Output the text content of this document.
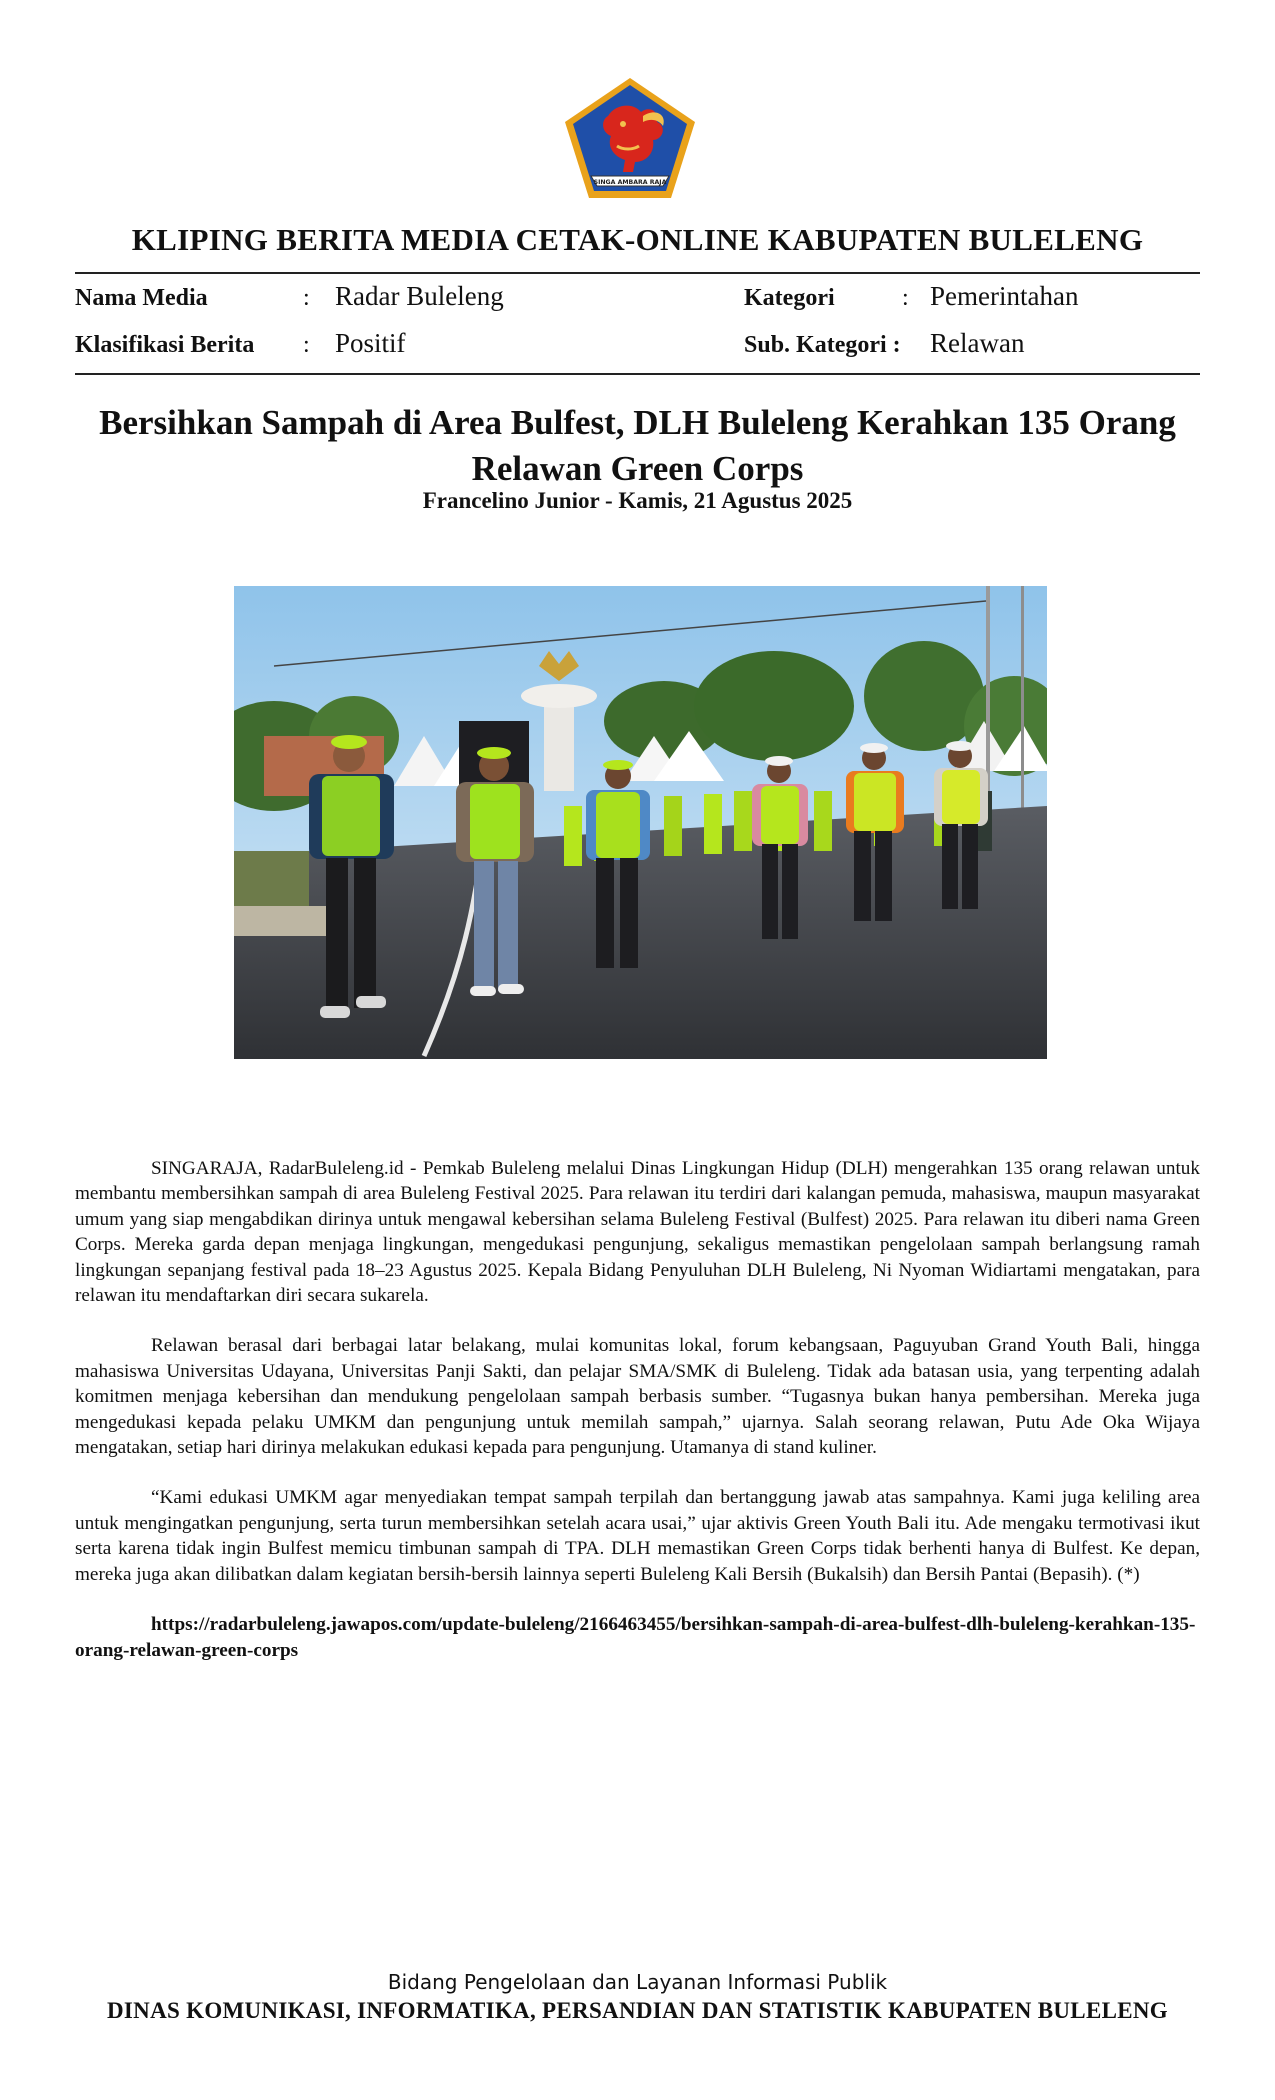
SINGA AMBARA RAJA
KLIPING BERITA MEDIA CETAK-ONLINE KABUPATEN BULELENG
Nama Media	: Radar Buleleng
Klasifikasi Berita : Positif
Kategori	: Pemerintahan
Sub. Kategori : Relawan
Bersihkan Sampah di Area Bulfest, DLH Buleleng Kerahkan 135 Orang Relawan Green Corps
Francelino Junior - Kamis, 21 Agustus 2025

SINGARAJA, RadarBuleleng.id - Pemkab Buleleng melalui Dinas Lingkungan Hidup (DLH) mengerahkan 135 orang relawan untuk membantu membersihkan sampah di area Buleleng Festival 2025. Para relawan itu terdiri dari kalangan pemuda, mahasiswa, maupun masyarakat umum yang siap mengabdikan dirinya untuk mengawal kebersihan selama Buleleng Festival (Bulfest) 2025. Para relawan itu diberi nama Green Corps. Mereka garda depan menjaga lingkungan, mengedukasi pengunjung, sekaligus memastikan pengelolaan sampah berlangsung ramah lingkungan sepanjang festival pada 18–23 Agustus 2025. Kepala Bidang Penyuluhan DLH Buleleng, Ni Nyoman Widiartami mengatakan, para relawan itu mendaftarkan diri secara sukarela.

Relawan berasal dari berbagai latar belakang, mulai komunitas lokal, forum kebangsaan, Paguyuban Grand Youth Bali, hingga mahasiswa Universitas Udayana, Universitas Panji Sakti, dan pelajar SMA/SMK di Buleleng. Tidak ada batasan usia, yang terpenting adalah komitmen menjaga kebersihan dan mendukung pengelolaan sampah berbasis sumber. “Tugasnya bukan hanya pembersihan. Mereka juga mengedukasi kepada pelaku UMKM dan pengunjung untuk memilah sampah,” ujarnya. Salah seorang relawan, Putu Ade Oka Wijaya mengatakan, setiap hari dirinya melakukan edukasi kepada para pengunjung. Utamanya di stand kuliner.

“Kami edukasi UMKM agar menyediakan tempat sampah terpilah dan bertanggung jawab atas sampahnya. Kami juga keliling area untuk mengingatkan pengunjung, serta turun membersihkan setelah acara usai,” ujar aktivis Green Youth Bali itu. Ade mengaku termotivasi ikut serta karena tidak ingin Bulfest memicu timbunan sampah di TPA. DLH memastikan Green Corps tidak berhenti hanya di Bulfest. Ke depan, mereka juga akan dilibatkan dalam kegiatan bersih-bersih lainnya seperti Buleleng Kali Bersih (Bukalsih) dan Bersih Pantai (Bepasih). (*)

https://radarbuleleng.jawapos.com/update-buleleng/2166463455/bersihkan-sampah-di-area-bulfest-dlh-buleleng-kerahkan-135-orang-relawan-green-corps

Bidang Pengelolaan dan Layanan Informasi Publik
DINAS KOMUNIKASI, INFORMATIKA, PERSANDIAN DAN STATISTIK KABUPATEN BULELENG
